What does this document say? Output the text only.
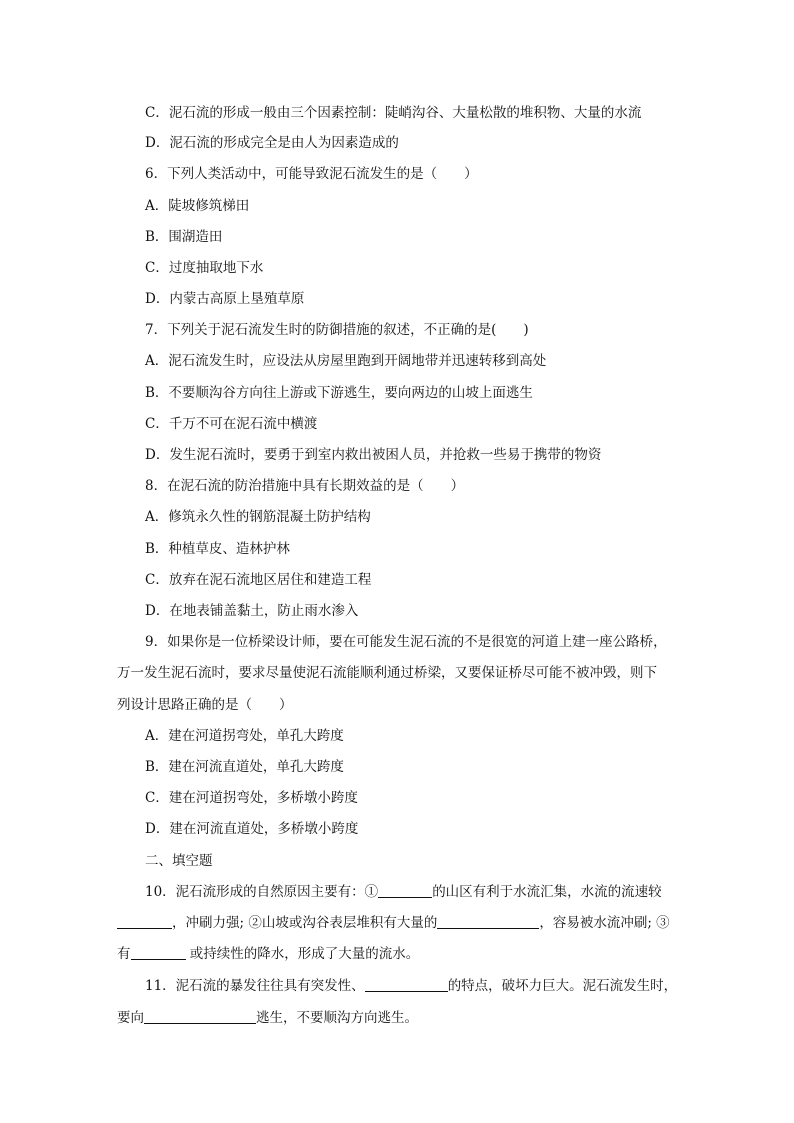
C．泥石流的形成一般由三个因素控制：陡峭沟谷、大量松散的堆积物、大量的水流
D．泥石流的形成完全是由人为因素造成的
6．下列人类活动中，可能导致泥石流发生的是（　　）
A．陡坡修筑梯田
B．围湖造田
C．过度抽取地下水
D．内蒙古高原上垦殖草原
7．下列关于泥石流发生时的防御措施的叙述，不正确的是(　　)
A．泥石流发生时，应设法从房屋里跑到开阔地带并迅速转移到高处
B．不要顺沟谷方向往上游或下游逃生，要向两边的山坡上面逃生
C．千万不可在泥石流中横渡
D．发生泥石流时，要勇于到室内救出被困人员，并抢救一些易于携带的物资
8．在泥石流的防治措施中具有长期效益的是（　　）
A．修筑永久性的钢筋混凝土防护结构
B．种植草皮、造林护林
C．放弃在泥石流地区居住和建造工程
D．在地表铺盖黏土，防止雨水渗入
9．如果你是一位桥梁设计师，要在可能发生泥石流的不是很宽的河道上建一座公路桥，
万一发生泥石流时，要求尽量使泥石流能顺利通过桥梁，又要保证桥尽可能不被冲毁，则下
列设计思路正确的是（　　）
A．建在河道拐弯处，单孔大跨度
B．建在河流直道处，单孔大跨度
C．建在河道拐弯处，多桥墩小跨度
D．建在河流直道处，多桥墩小跨度
二、填空题
10．泥石流形成的自然原因主要有：①	的山区有利于水流汇集，水流的流速较
，冲刷力强; ②山坡或沟谷表层堆积有大量的	，容易被水流冲刷; ③
有	或持续性的降水，形成了大量的流水。
11．泥石流的暴发往往具有突发性、	的特点，破坏力巨大。泥石流发生时，
要向	逃生，不要顺沟方向逃生。
